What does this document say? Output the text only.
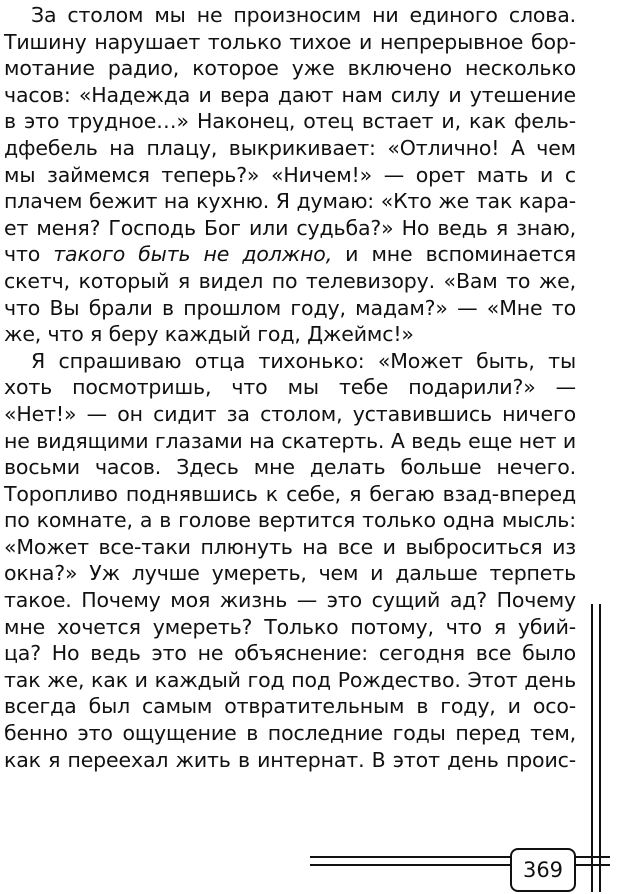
За столом мы не произносим ни единого слова.
Тишину нарушает только тихое и непрерывное бор-
мотание радио, которое уже включено несколько
часов: «Надежда и вера дают нам силу и утешение
в это трудное…» Наконец, отец встает и, как фель-
дфебель на плацу, выкрикивает: «Отлично! А чем
мы займемся теперь?» «Ничем!» — орет мать и с
плачем бежит на кухню. Я думаю: «Кто же так кара-
ет меня? Господь Бог или судьба?» Но ведь я знаю,
что такого быть не должно, и мне вспоминается
скетч, который я видел по телевизору. «Вам то же,
что Вы брали в прошлом году, мадам?» — «Мне то
же, что я беру каждый год, Джеймс!»
Я спрашиваю отца тихонько: «Может быть, ты
хоть посмотришь, что мы тебе подарили?» —
«Нет!» — он сидит за столом, уставившись ничего
не видящими глазами на скатерть. А ведь еще нет и
восьми часов. Здесь мне делать больше нечего.
Торопливо поднявшись к себе, я бегаю взад-вперед
по комнате, а в голове вертится только одна мысль:
«Может все-таки плюнуть на все и выброситься из
окна?» Уж лучше умереть, чем и дальше терпеть
такое. Почему моя жизнь — это сущий ад? Почему
мне хочется умереть? Только потому, что я убий-
ца? Но ведь это не объяснение: сегодня все было
так же, как и каждый год под Рождество. Этот день
всегда был самым отвратительным в году, и осо-
бенно это ощущение в последние годы перед тем,
как я переехал жить в интернат. В этот день проис-
369
